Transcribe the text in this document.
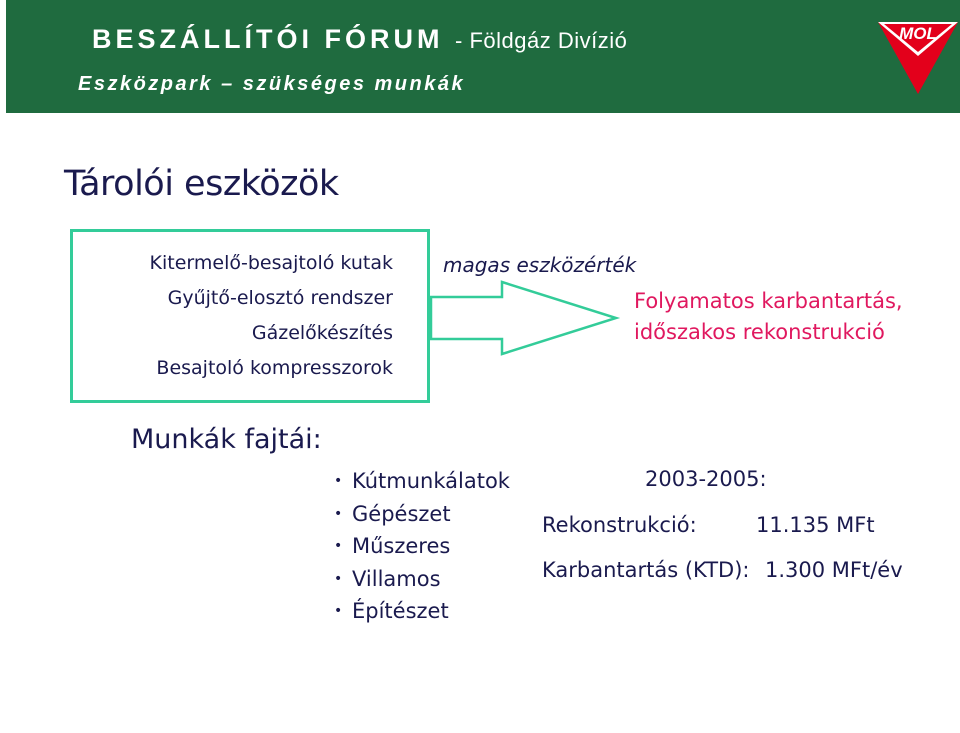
BESZÁLLÍTÓI FÓRUM - Földgáz Divízió
Eszközpark – szükséges munkák
MOL
Tárolói eszközök
Kitermelő-besajtoló kutak
Gyűjtő-elosztó rendszer
Gázelőkészítés
Besajtoló kompresszorok
magas eszközérték
Folyamatos karbantartás,
időszakos rekonstrukció
Munkák fajtái:
• Kútmunkálatok
• Gépészet
• Műszeres
• Villamos
• Építészet
2003-2005:
Rekonstrukció:	11.135 MFt
Karbantartás (KTD): 1.300 MFt/év
